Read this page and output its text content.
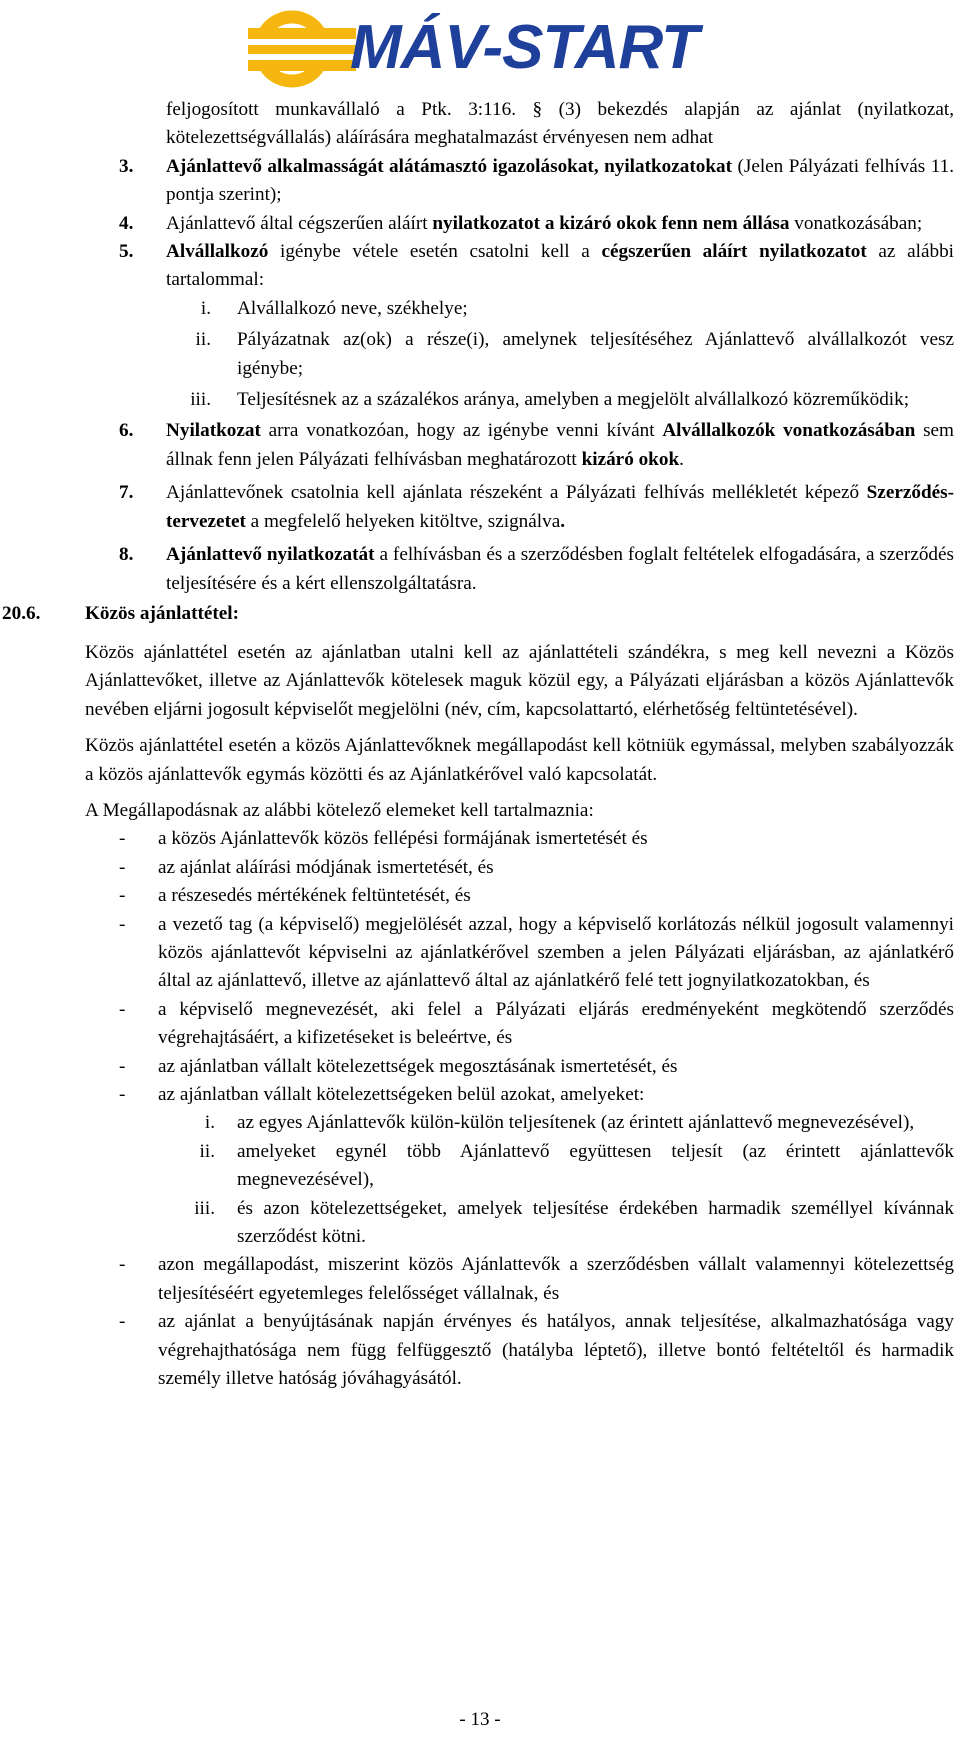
MÁV-START
feljogosított munkavállaló a Ptk. 3:116. § (3) bekezdés alapján az ajánlat (nyilatkozat, kötelezettségvállalás) aláírására meghatalmazást érvényesen nem adhat
3. Ajánlattevő alkalmasságát alátámasztó igazolásokat, nyilatkozatokat (Jelen Pályázati felhívás 11. pontja szerint);
4. Ajánlattevő által cégszerűen aláírt nyilatkozatot a kizáró okok fenn nem állása vonatkozásában;
5. Alvállalkozó igénybe vétele esetén csatolni kell a cégszerűen aláírt nyilatkozatot az alábbi tartalommal:
i. Alvállalkozó neve, székhelye;
ii. Pályázatnak az(ok) a része(i), amelynek teljesítéséhez Ajánlattevő alvállalkozót vesz igénybe;
iii. Teljesítésnek az a százalékos aránya, amelyben a megjelölt alvállalkozó közreműködik;
6. Nyilatkozat arra vonatkozóan, hogy az igénybe venni kívánt Alvállalkozók vonatkozásában sem állnak fenn jelen Pályázati felhívásban meghatározott kizáró okok.
7. Ajánlattevőnek csatolnia kell ajánlata részeként a Pályázati felhívás mellékletét képező Szerződés-tervezetet a megfelelő helyeken kitöltve, szignálva.
8. Ajánlattevő nyilatkozatát a felhívásban és a szerződésben foglalt feltételek elfogadására, a szerződés teljesítésére és a kért ellenszolgáltatásra.
20.6. Közös ajánlattétel:
Közös ajánlattétel esetén az ajánlatban utalni kell az ajánlattételi szándékra, s meg kell nevezni a Közös Ajánlattevőket, illetve az Ajánlattevők kötelesek maguk közül egy, a Pályázati eljárásban a közös Ajánlattevők nevében eljárni jogosult képviselőt megjelölni (név, cím, kapcsolattartó, elérhetőség feltüntetésével).
Közös ajánlattétel esetén a közös Ajánlattevőknek megállapodást kell kötniük egymással, melyben szabályozzák a közös ajánlattevők egymás közötti és az Ajánlatkérővel való kapcsolatát.
A Megállapodásnak az alábbi kötelező elemeket kell tartalmaznia:
- a közös Ajánlattevők közös fellépési formájának ismertetését és
- az ajánlat aláírási módjának ismertetését, és
- a részesedés mértékének feltüntetését, és
- a vezető tag (a képviselő) megjelölését azzal, hogy a képviselő korlátozás nélkül jogosult valamennyi közös ajánlattevőt képviselni az ajánlatkérővel szemben a jelen Pályázati eljárásban, az ajánlatkérő által az ajánlattevő, illetve az ajánlattevő által az ajánlatkérő felé tett jognyilatkozatokban, és
- a képviselő megnevezését, aki felel a Pályázati eljárás eredményeként megkötendő szerződés végrehajtásáért, a kifizetéseket is beleértve, és
- az ajánlatban vállalt kötelezettségek megosztásának ismertetését, és
- az ajánlatban vállalt kötelezettségeken belül azokat, amelyeket:
i. az egyes Ajánlattevők külön-külön teljesítenek (az érintett ajánlattevő megnevezésével),
ii. amelyeket egynél több Ajánlattevő együttesen teljesít (az érintett ajánlattevők megnevezésével),
iii. és azon kötelezettségeket, amelyek teljesítése érdekében harmadik személlyel kívánnak szerződést kötni.
- azon megállapodást, miszerint közös Ajánlattevők a szerződésben vállalt valamennyi kötelezettség teljesítéséért egyetemleges felelősséget vállalnak, és
- az ajánlat a benyújtásának napján érvényes és hatályos, annak teljesítése, alkalmazhatósága vagy végrehajthatósága nem függ felfüggesztő (hatályba léptető), illetve bontó feltételtől és harmadik személy illetve hatóság jóváhagyásától.
- 13 -
